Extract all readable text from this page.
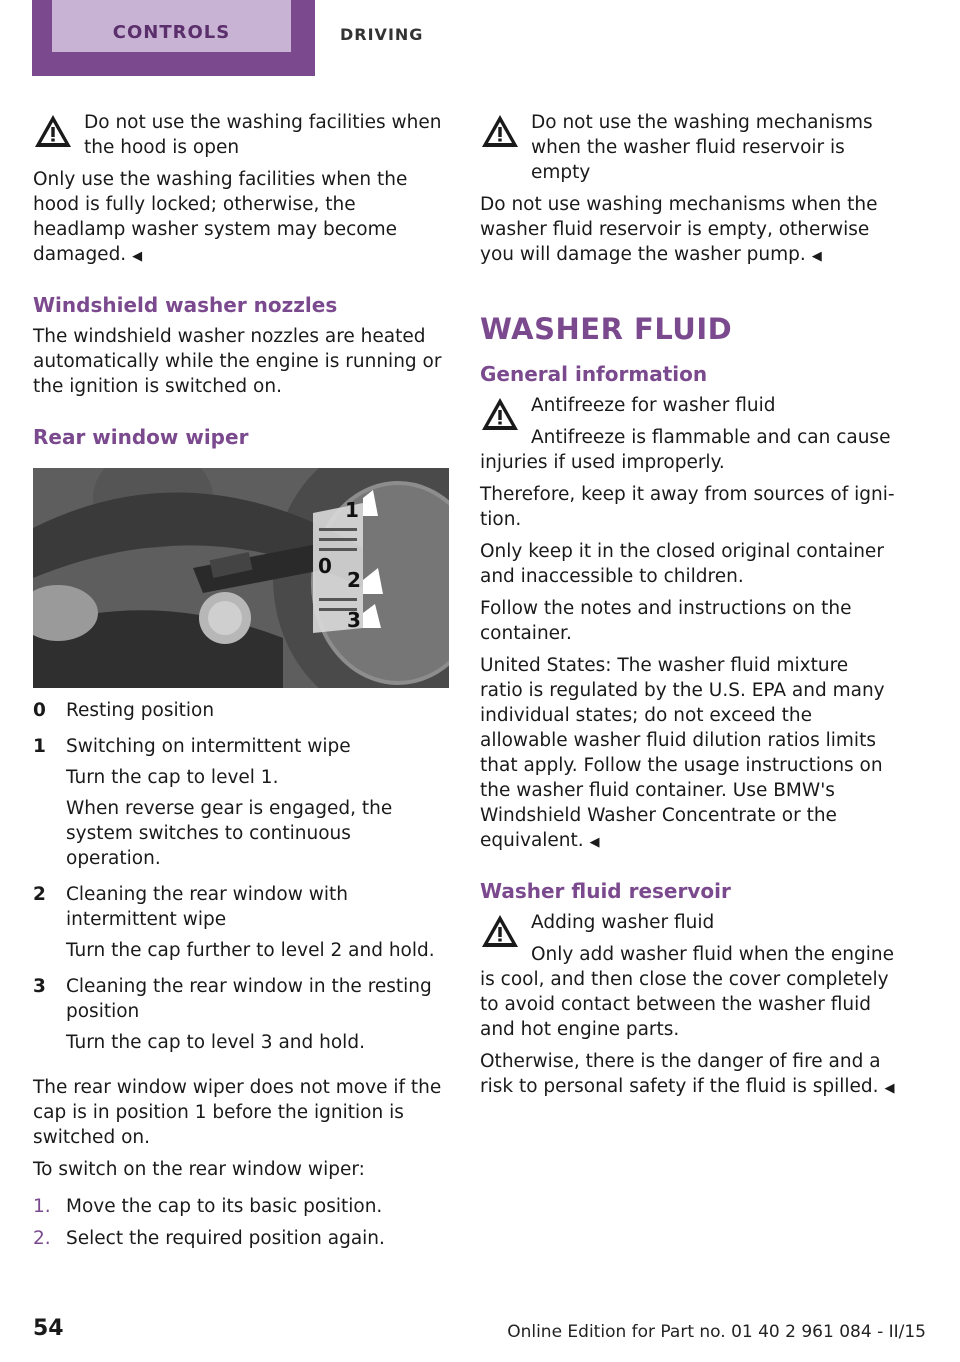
CONTROLS	DRIVING

Do not use the washing facilities when the hood is open

Only use the washing facilities when the hood is fully locked; otherwise, the headlamp washer system may become damaged. ◀

Windshield washer nozzles

The windshield washer nozzles are heated automatically while the engine is running or the ignition is switched on.

Rear window wiper
1
0
2
3
0	Resting position

1	Switching on intermittent wipe

Turn the cap to level 1.

When reverse gear is engaged, the system switches to continuous operation.

2	Cleaning the rear window with intermittent wipe

Turn the cap further to level 2 and hold.

3	Cleaning the rear window in the resting position

Turn the cap to level 3 and hold.

The rear window wiper does not move if the cap is in position 1 before the ignition is switched on.

To switch on the rear window wiper:

1. Move the cap to its basic position.
2. Select the required position again.

Do not use the washing mechanisms when the washer fluid reservoir is empty

Do not use washing mechanisms when the washer fluid reservoir is empty, otherwise you will damage the washer pump. ◀

WASHER FLUID
General information

Antifreeze for washer fluid

Antifreeze is flammable and can cause injuries if used improperly.

Therefore, keep it away from sources of ignition.

Only keep it in the closed original container and inaccessible to children.

Follow the notes and instructions on the container.

United States: The washer fluid mixture ratio is regulated by the U.S. EPA and many individual states; do not exceed the allowable washer fluid dilution ratios limits that apply. Follow the usage instructions on the washer fluid container. Use BMW's Windshield Washer Concentrate or the equivalent. ◀

Washer fluid reservoir

Adding washer fluid

Only add washer fluid when the engine is cool, and then close the cover completely to avoid contact between the washer fluid and hot engine parts.

Otherwise, there is the danger of fire and a risk to personal safety if the fluid is spilled. ◀

54	Online Edition for Part no. 01 40 2 961 084 - II/15
